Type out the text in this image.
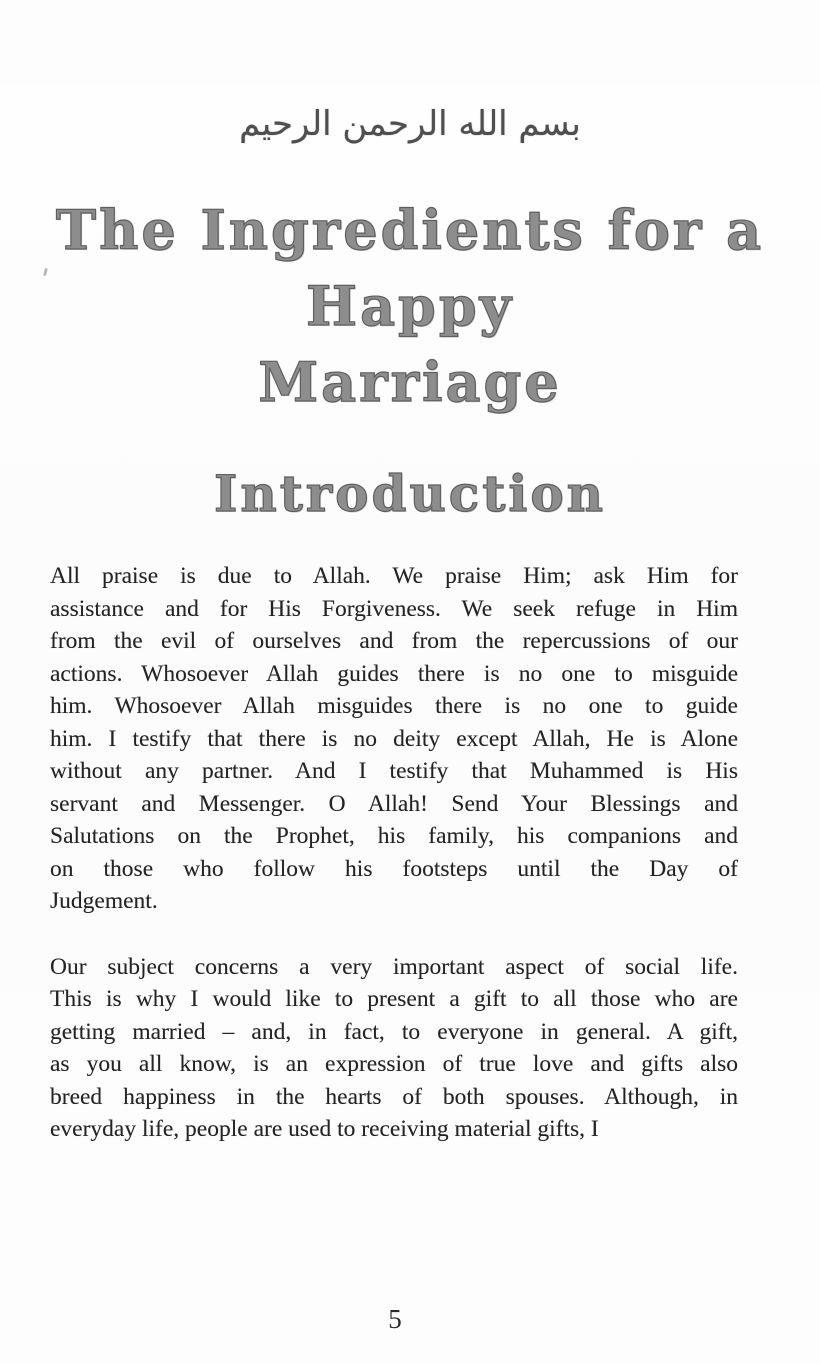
بسم الله الرحمن الرحيم
The Ingredients for a
Happy
Marriage
Introduction
All praise is due to Allah. We praise Him; ask Him for
assistance and for His Forgiveness. We seek refuge in Him
from the evil of ourselves and from the repercussions of our
actions. Whosoever Allah guides there is no one to misguide
him. Whosoever Allah misguides there is no one to guide
him. I testify that there is no deity except Allah, He is Alone
without any partner. And I testify that Muhammed is His
servant and Messenger. O Allah! Send Your Blessings and
Salutations on the Prophet, his family, his companions and
on those who follow his footsteps until the Day of
Judgement.
Our subject concerns a very important aspect of social life.
This is why I would like to present a gift to all those who are
getting married – and, in fact, to everyone in general. A gift,
as you all know, is an expression of true love and gifts also
breed happiness in the hearts of both spouses. Although, in
everyday life, people are used to receiving material gifts, I
5
